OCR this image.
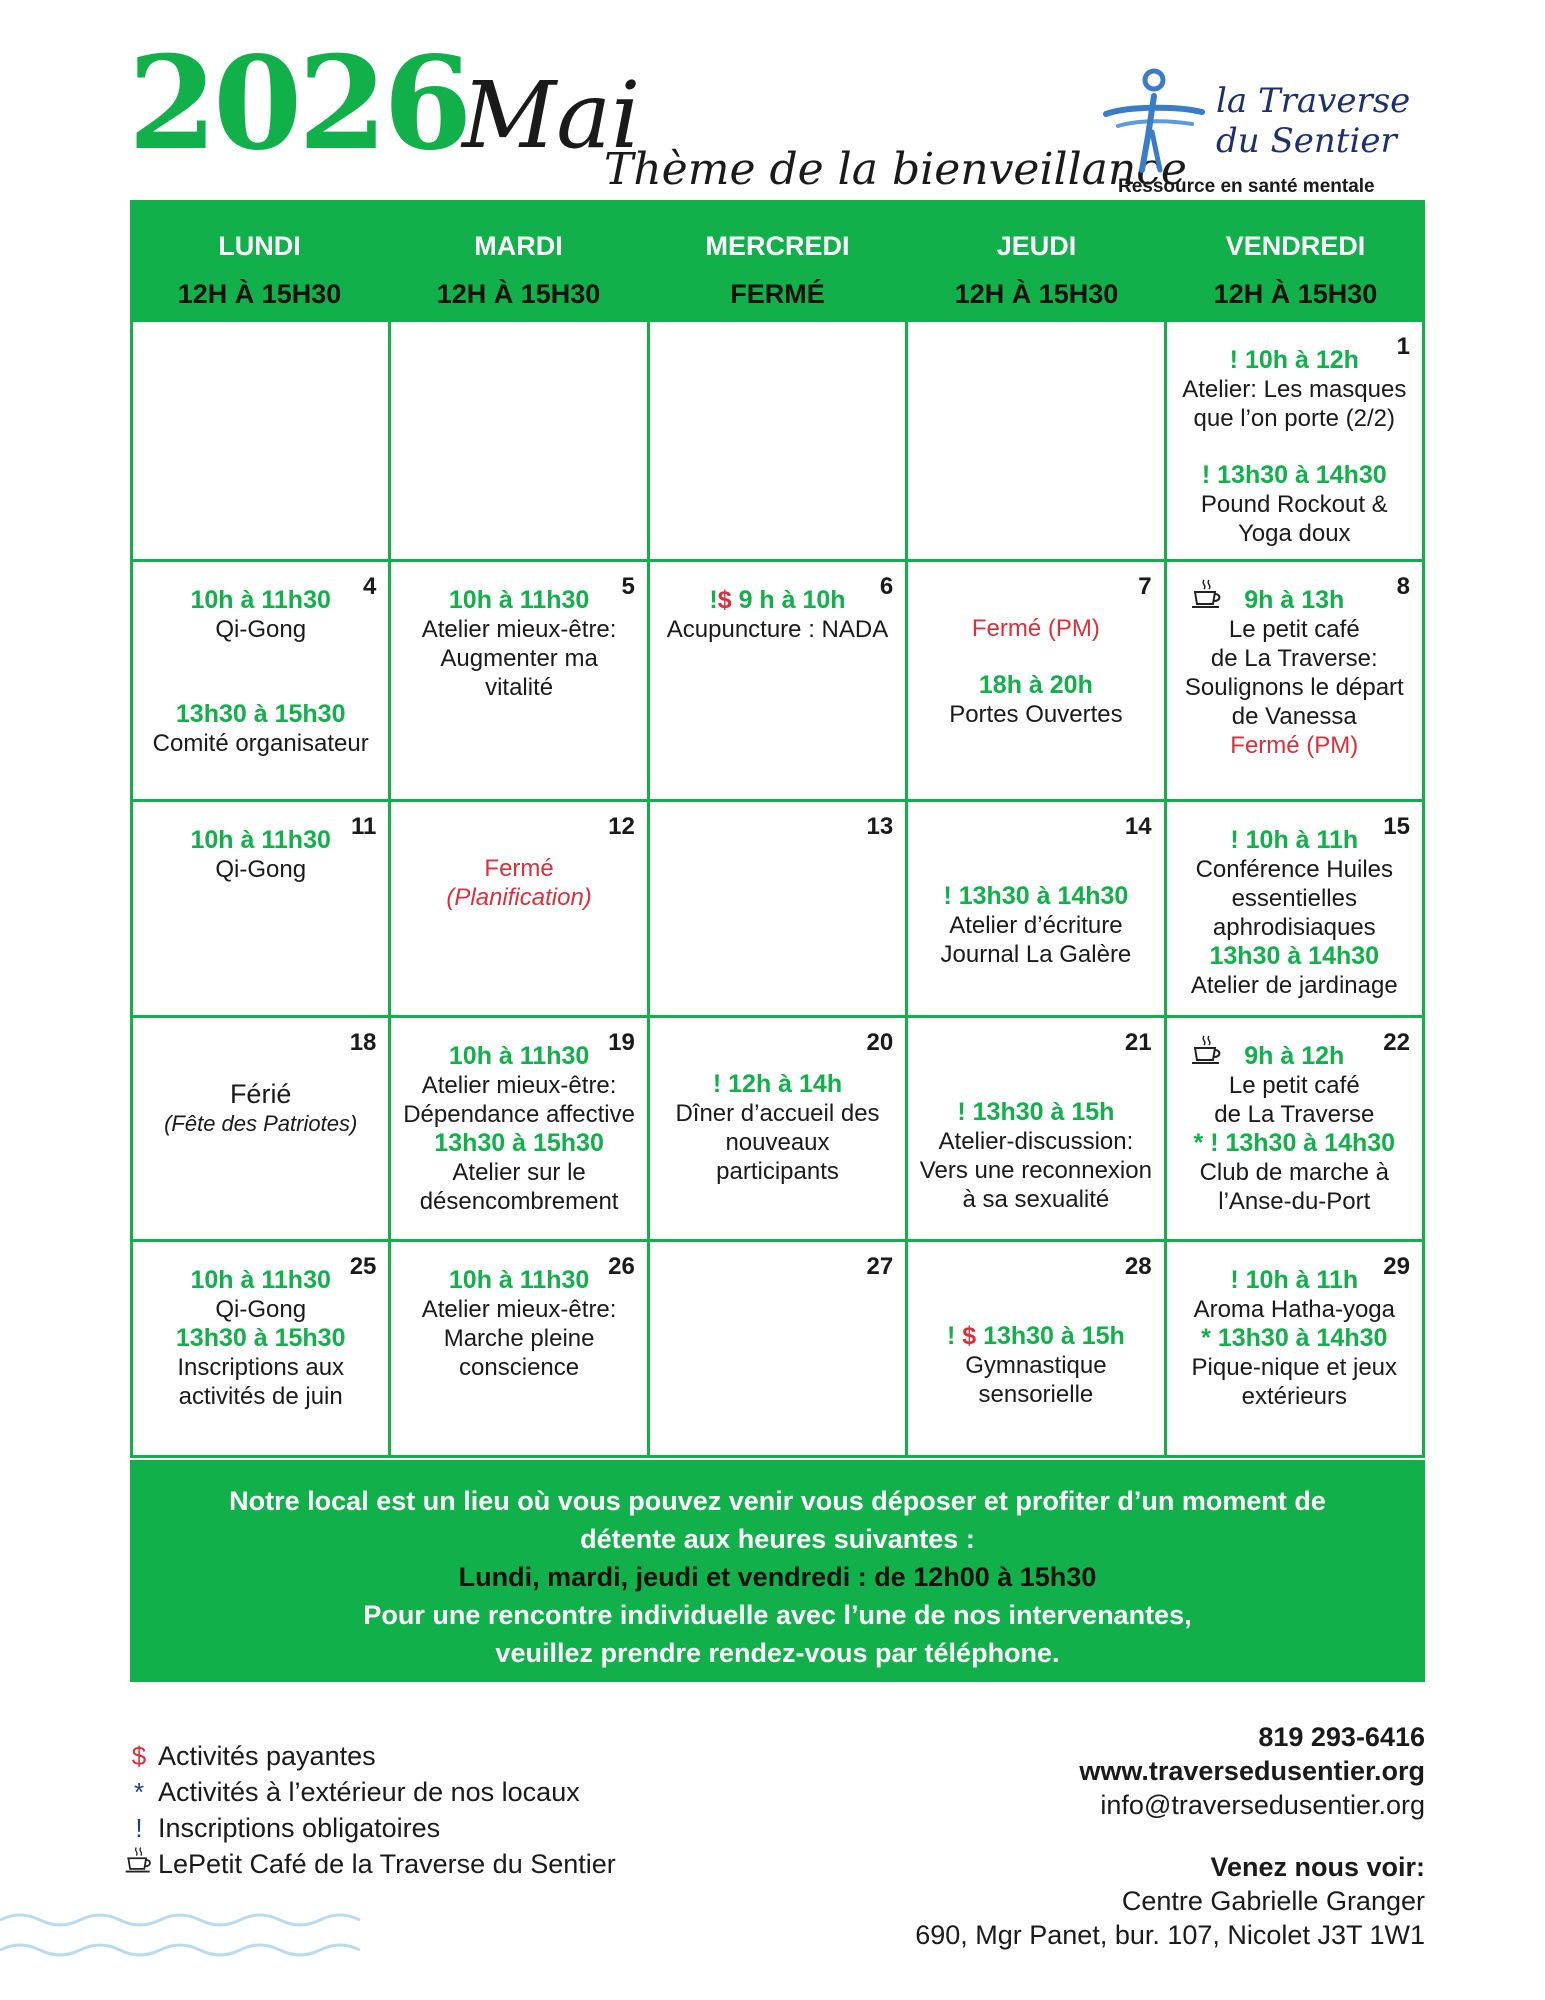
2026
Mai
Thème de la bienveillance
la Traverse
du Sentier
Ressource en santé mentale
LUNDI
12H À 15H30
MARDI
12H À 15H30
MERCREDI
FERMÉ
JEUDI
12H À 15H30
VENDREDI
12H À 15H30
1
! 10h à 12h
Atelier: Les masques
que l’on porte (2/2)
! 13h30 à 14h30
Pound Rockout &
Yoga doux
4
10h à 11h30
Qi-Gong
13h30 à 15h30
Comité organisateur
5
10h à 11h30
Atelier mieux-être:
Augmenter ma
vitalité
6
!$ 9 h à 10h
Acupuncture : NADA
7
Fermé (PM)
18h à 20h
Portes Ouvertes
8
9h à 13h
Le petit café
de La Traverse:
Soulignons le départ
de Vanessa
Fermé (PM)
11
10h à 11h30
Qi-Gong
12
Fermé
(Planification)
13	14
! 13h30 à 14h30
Atelier d’écriture
Journal La Galère
15
! 10h à 11h
Conférence Huiles
essentielles
aphrodisiaques
13h30 à 14h30
Atelier de jardinage
18
Férié
(Fête des Patriotes)
19
10h à 11h30
Atelier mieux-être:
Dépendance affective
13h30 à 15h30
Atelier sur le
désencombrement
20
! 12h à 14h
Dîner d’accueil des
nouveaux
participants
21
! 13h30 à 15h
Atelier-discussion:
Vers une reconnexion
à sa sexualité
22
9h à 12h
Le petit café
de La Traverse
* ! 13h30 à 14h30
Club de marche à
l’Anse-du-Port
25
10h à 11h30
Qi-Gong
13h30 à 15h30
Inscriptions aux
activités de juin
26
10h à 11h30
Atelier mieux-être:
Marche pleine
conscience
27	28
! $ 13h30 à 15h
Gymnastique
sensorielle
29
! 10h à 11h
Aroma Hatha-yoga
* 13h30 à 14h30
Pique-nique et jeux
extérieurs
Notre local est un lieu où vous pouvez venir vous déposer et profiter d’un moment de
détente aux heures suivantes :
Lundi, mardi, jeudi et vendredi : de 12h00 à 15h30
Pour une rencontre individuelle avec l’une de nos intervenantes,
veuillez prendre rendez-vous par téléphone.
$ Activités payantes
* Activités à l’extérieur de nos locaux
! Inscriptions obligatoires
LePetit Café de la Traverse du Sentier
819 293-6416
www.traversedusentier.org
info@traversedusentier.org
Venez nous voir:
Centre Gabrielle Granger
690, Mgr Panet, bur. 107, Nicolet J3T 1W1
